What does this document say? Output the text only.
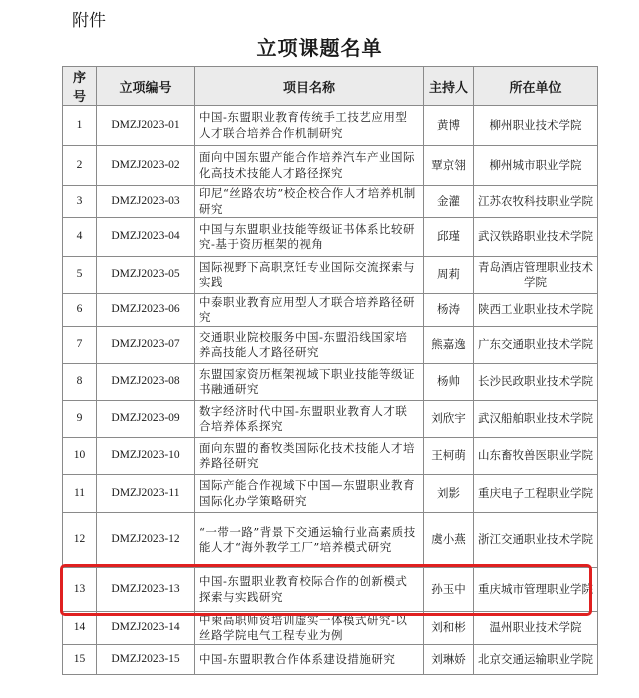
附件
立项课题名单
序号	立项编号	项目名称	主持人	所在单位
1	DMZJ2023-01	中国-东盟职业教育传统手工技艺应用型人才联合培养合作机制研究	黄博	柳州职业技术学院
2	DMZJ2023-02	面向中国东盟产能合作培养汽车产业国际化高技术技能人才路径探究	覃京翎	柳州城市职业学院
3	DMZJ2023-03	印尼“丝路农坊”校企校合作人才培养机制研究	金灌	江苏农牧科技职业学院
4	DMZJ2023-04	中国与东盟职业技能等级证书体系比较研究-基于资历框架的视角	邱瑾	武汉铁路职业技术学院
5	DMZJ2023-05	国际视野下高职烹饪专业国际交流探索与实践	周莉	青岛酒店管理职业技术学院
6	DMZJ2023-06	中泰职业教育应用型人才联合培养路径研究	杨涛	陕西工业职业技术学院
7	DMZJ2023-07	交通职业院校服务中国-东盟沿线国家培养高技能人才路径研究	熊嘉逸	广东交通职业技术学院
8	DMZJ2023-08	东盟国家资历框架视域下职业技能等级证书融通研究	杨帅	长沙民政职业技术学院
9	DMZJ2023-09	数字经济时代中国-东盟职业教育人才联合培养体系探究	刘欣宇	武汉船舶职业技术学院
10	DMZJ2023-10	面向东盟的畜牧类国际化技术技能人才培养路径研究	王柯萌	山东畜牧兽医职业学院
11	DMZJ2023-11	国际产能合作视域下中国—东盟职业教育国际化办学策略研究	刘影	重庆电子工程职业学院
12	DMZJ2023-12	“一带一路”背景下交通运输行业高素质技能人才“海外教学工厂”培养模式研究	虞小燕	浙江交通职业技术学院
13	DMZJ2023-13	中国-东盟职业教育校际合作的创新模式探索与实践研究	孙玉中	重庆城市管理职业学院
14	DMZJ2023-14	中柬高职师资培训虚实一体模式研究-以丝路学院电气工程专业为例	刘和彬	温州职业技术学院
15	DMZJ2023-15	中国-东盟职教合作体系建设措施研究	刘琳娇	北京交通运输职业学院
